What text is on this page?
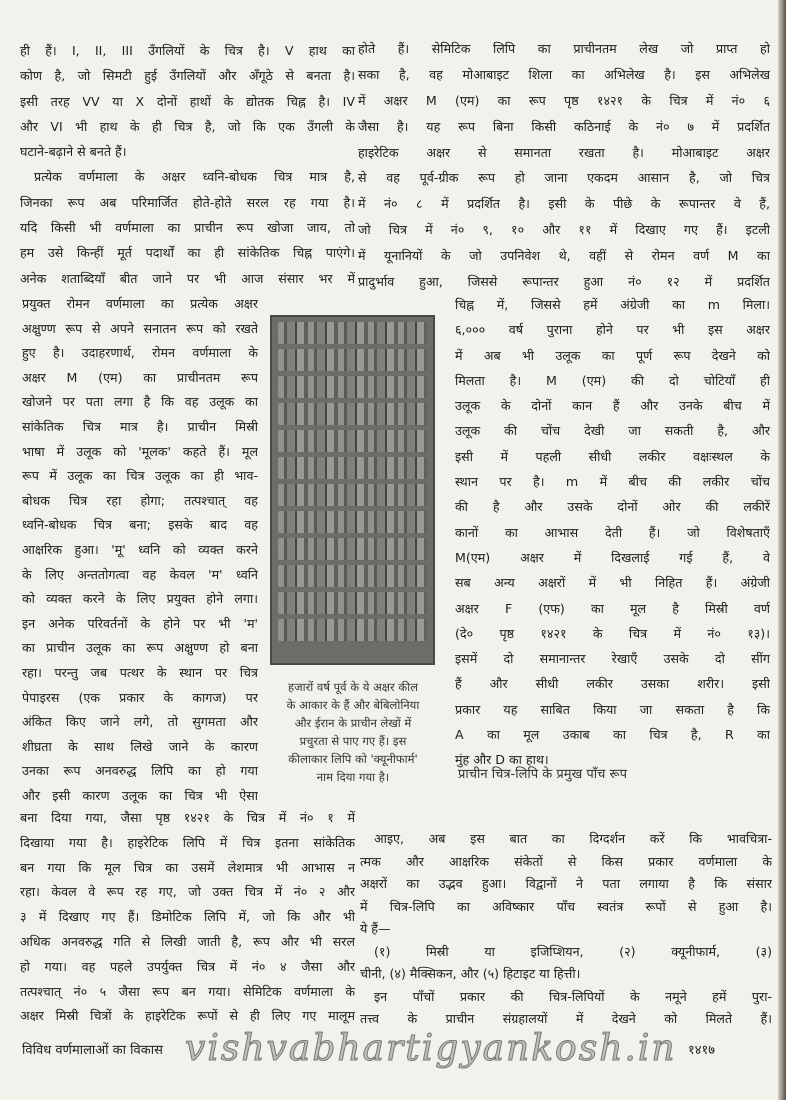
ही हैं। I, II, III उँगलियों के चित्र है। V हाथ का
कोण है, जो सिमटी हुई उँगलियों और अँगूठे से बनता है।
इसी तरह VV या X दोनों हाथों के द्योतक चिह्न है। IV
और VI भी हाथ के ही चित्र है, जो कि एक उँगली के
घटाने-बढ़ाने से बनते हैं।
प्रत्येक वर्णमाला के अक्षर ध्वनि-बोधक चित्र मात्र है,
जिनका रूप अब परिमार्जित होते-होते सरल रह गया है।
यदि किसी भी वर्णमाला का प्राचीन रूप खोजा जाय, तो
हम उसे किन्हीं मूर्त पदार्थों का ही सांकेतिक चिह्न पाएंगे।
अनेक शताब्दियाँ बीत जाने पर भी आज संसार भर में
प्रयुक्त रोमन वर्णमाला का प्रत्येक अक्षर
अक्षुण्ण रूप से अपने सनातन रूप को रखते
हुए है। उदाहरणार्थ, रोमन वर्णमाला के
अक्षर M (एम) का प्राचीनतम रूप
खोजने पर पता लगा है कि वह उलूक का
सांकेतिक चित्र मात्र है। प्राचीन मिस्री
भाषा में उलूक को 'मूलक' कहते हैं। मूल
रूप में उलूक का चित्र उलूक का ही भाव-
बोधक चित्र रहा होगा; तत्पश्चात् वह
ध्वनि-बोधक चित्र बना; इसके बाद वह
आक्षरिक हुआ। 'मू' ध्वनि को व्यक्त करने
के लिए अन्ततोगत्वा वह केवल 'म' ध्वनि
को व्यक्त करने के लिए प्रयुक्त होने लगा।
इन अनेक परिवर्तनों के होने पर भी 'म'
का प्राचीन उलूक का रूप अक्षुण्ण हो बना
रहा। परन्तु जब पत्थर के स्थान पर चित्र
पेपाइरस (एक प्रकार के कागज) पर
अंकित किए जाने लगे, तो सुगमता और
शीघ्रता के साथ लिखे जाने के कारण
उनका रूप अनवरुद्ध लिपि का हो गया
और इसी कारण उलूक का चित्र भी ऐसा
बना दिया गया, जैसा पृष्ठ १४२१ के चित्र में नं० १ में
दिखाया गया है। हाइरेटिक लिपि में चित्र इतना सांकेतिक
बन गया कि मूल चित्र का उसमें लेशमात्र भी आभास न
रहा। केवल वे रूप रह गए, जो उक्त चित्र में नं० २ और
३ में दिखाए गए हैं। डिमोटिक लिपि में, जो कि और भी
अधिक अनवरुद्ध गति से लिखी जाती है, रूप और भी सरल
हो गया। वह पहले उपर्युक्त चित्र में नं० ४ जैसा और
तत्पश्चात् नं० ५ जैसा रूप बन गया। सेमिटिक वर्णमाला के
अक्षर मिस्री चित्रों के हाइरेटिक रूपों से ही लिए गए मालूम
होते हैं। सेमिटिक लिपि का प्राचीनतम लेख जो प्राप्त हो
सका है, वह मोआबाइट शिला का अभिलेख है। इस अभिलेख
में अक्षर M (एम) का रूप पृष्ठ १४२१ के चित्र में नं० ६
जैसा है। यह रूप बिना किसी कठिनाई के नं० ७ में प्रदर्शित
हाइरेटिक अक्षर से समानता रखता है। मोआबाइट अक्षर
से वह पूर्व-ग्रीक रूप हो जाना एकदम आसान है, जो चित्र
में नं० ८ में प्रदर्शित है। इसी के पीछे के रूपान्तर वे हैं,
जो चित्र में नं० ९, १० और ११ में दिखाए गए हैं। इटली
में यूनानियों के जो उपनिवेश थे, वहीं से रोमन वर्ण M का
प्रादुर्भाव हुआ, जिससे रूपान्तर हुआ नं० १२ में प्रदर्शित
चिह्न में, जिससे हमें अंग्रेजी का m मिला।
६,००० वर्ष पुराना होने पर भी इस अक्षर
में अब भी उलूक का पूर्ण रूप देखने को
मिलता है। M (एम) की दो चोटियाँ ही
उलूक के दोनों कान हैं और उनके बीच में
उलूक की चोंच देखी जा सकती है, और
इसी में पहली सीधी लकीर वक्षःस्थल के
स्थान पर है। m में बीच की लकीर चोंच
की है और उसके दोनों ओर की लकीरें
कानों का आभास देती हैं। जो विशेषताएँ
M(एम) अक्षर में दिखलाई गई हैं, वे
सब अन्य अक्षरों में भी निहित हैं। अंग्रेजी
अक्षर F (एफ) का मूल है मिस्री वर्ण
(दे० पृष्ठ १४२१ के चित्र में नं० १३)।
इसमें दो समानान्तर रेखाएँ उसके दो सींग
हैं और सीधी लकीर उसका शरीर। इसी
प्रकार यह साबित किया जा सकता है कि
A का मूल उकाब का चित्र है, R का
मुंह और D का हाथ।
प्राचीन चित्र-लिपि के प्रमुख पाँच रूप
आइए, अब इस बात का दिग्दर्शन करें कि भावचित्रा-
त्मक और आक्षरिक संकेतों से किस प्रकार वर्णमाला के
अक्षरों का उद्भव हुआ। विद्वानों ने पता लगाया है कि संसार
में चित्र-लिपि का अविष्कार पाँच स्वतंत्र रूपों से हुआ है।
ये हैं—
(१) मिस्री या इजिप्शियन, (२) क्यूनीफार्म, (३)
चीनी, (४) मैक्सिकन, और (५) हिटाइट या हित्ती।
इन पाँचों प्रकार की चित्र-लिपियों के नमूने हमें पुरा-
तत्त्व के प्राचीन संग्रहालयों में देखने को मिलते हैं।
हजारों वर्ष पूर्व के ये अक्षर कील
के आकार के हैं और बेबिलोनिया
और ईरान के प्राचीन लेखों में
प्रचुरता से पाए गए हैं। इस
कीलाकार लिपि को 'क्यूनीफार्म'
नाम दिया गया है।
विविध वर्णमालाओं का विकास	१४१७
vishvabhartigyankosh.in
